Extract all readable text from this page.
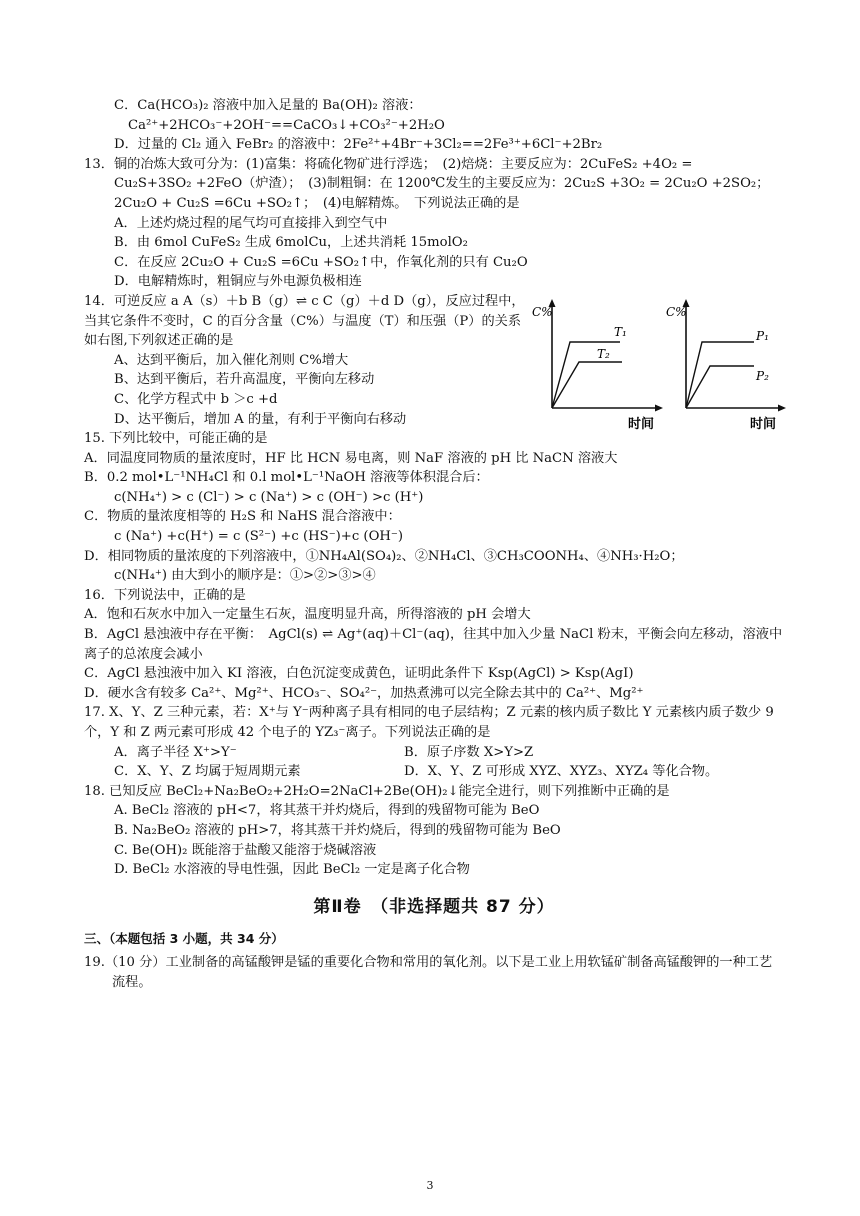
C．Ca(HCO₃)₂ 溶液中加入足量的 Ba(OH)₂ 溶液：
Ca²⁺+2HCO₃⁻+2OH⁻==CaCO₃↓+CO₃²⁻+2H₂O
D．过量的 Cl₂ 通入 FeBr₂ 的溶液中：2Fe²⁺+4Br⁻+3Cl₂==2Fe³⁺+6Cl⁻+2Br₂
13．铜的冶炼大致可分为：(1)富集：将硫化物矿进行浮选；　(2)焙烧：主要反应为：2CuFeS₂ +4O₂ =
Cu₂S+3SO₂ +2FeO（炉渣）；　(3)制粗铜：在 1200℃发生的主要反应为：2Cu₂S +3O₂ = 2Cu₂O +2SO₂；
2Cu₂O + Cu₂S =6Cu +SO₂↑；　(4)电解精炼。　下列说法正确的是
A．上述灼烧过程的尾气均可直接排入到空气中
B．由 6mol CuFeS₂ 生成 6molCu，上述共消耗 15molO₂
C．在反应 2Cu₂O + Cu₂S =6Cu +SO₂↑中，作氧化剂的只有 Cu₂O
D．电解精炼时，粗铜应与外电源负极相连
14．可逆反应 a A（s）＋b B（g）⇌ c C（g）＋d D（g），反应过程中，当其它条件不变时，C 的百分含量（C%）与温度（T）和压强（P）的关系如右图,下列叙述正确的是
A、达到平衡后，加入催化剂则 C%增大
B、达到平衡后，若升高温度，平衡向左移动
C、化学方程式中 b ＞c +d
D、达平衡后，增加 A 的量，有利于平衡向右移动
C%
T₁
T₂
时间
C%
P₁
P₂
时间
15. 下列比较中，可能正确的是
A．同温度同物质的量浓度时，HF 比 HCN 易电离，则 NaF 溶液的 pH 比 NaCN 溶液大
B．0.2 mol•L⁻¹NH₄Cl 和 0.l mol•L⁻¹NaOH 溶液等体积混合后：
c(NH₄⁺) > c (Cl⁻) > c (Na⁺) > c (OH⁻) >c (H⁺)
C．物质的量浓度相等的 H₂S 和 NaHS 混合溶液中：
c (Na⁺) +c(H⁺) = c (S²⁻) +c (HS⁻)+c (OH⁻)
D．相同物质的量浓度的下列溶液中，①NH₄Al(SO₄)₂、②NH₄Cl、③CH₃COONH₄、④NH₃·H₂O；
c(NH₄⁺) 由大到小的顺序是：①>②>③>④
16．下列说法中，正确的是
A．饱和石灰水中加入一定量生石灰，温度明显升高，所得溶液的 pH 会增大
B．AgCl 悬浊液中存在平衡：　AgCl(s) ⇌ Ag⁺(aq)＋Cl⁻(aq)，往其中加入少量 NaCl 粉末，平衡会向左移动，溶液中离子的总浓度会减小
C．AgCl 悬浊液中加入 KI 溶液，白色沉淀变成黄色，证明此条件下 Ksp(AgCl) > Ksp(AgI)
D．硬水含有较多 Ca²⁺、Mg²⁺、HCO₃⁻、SO₄²⁻，加热煮沸可以完全除去其中的 Ca²⁺、Mg²⁺
17. X、Y、Z 三种元素，若：X⁺与 Y⁻两种离子具有相同的电子层结构；Z 元素的核内质子数比 Y 元素核内质子数少 9 个，Y 和 Z 两元素可形成 42 个电子的 YZ₃⁻离子。下列说法正确的是
A．离子半径 X⁺>Y⁻	B．原子序数 X>Y>Z
C．X、Y、Z 均属于短周期元素	D．X、Y、Z 可形成 XYZ、XYZ₃、XYZ₄ 等化合物。
18. 已知反应 BeCl₂+Na₂BeO₂+2H₂O=2NaCl+2Be(OH)₂↓能完全进行，则下列推断中正确的是
A. BeCl₂ 溶液的 pH<7，将其蒸干并灼烧后，得到的残留物可能为 BeO
B. Na₂BeO₂ 溶液的 pH>7，将其蒸干并灼烧后，得到的残留物可能为 BeO
C. Be(OH)₂ 既能溶于盐酸又能溶于烧碱溶液
D. BeCl₂ 水溶液的导电性强，因此 BeCl₂ 一定是离子化合物
第Ⅱ卷　（非选择题共 87 分）
三、（本题包括 3 小题，共 34 分）
19.（10 分）工业制备的高锰酸钾是锰的重要化合物和常用的氧化剂。以下是工业上用软锰矿制备高锰酸钾的一种工艺流程。
3
